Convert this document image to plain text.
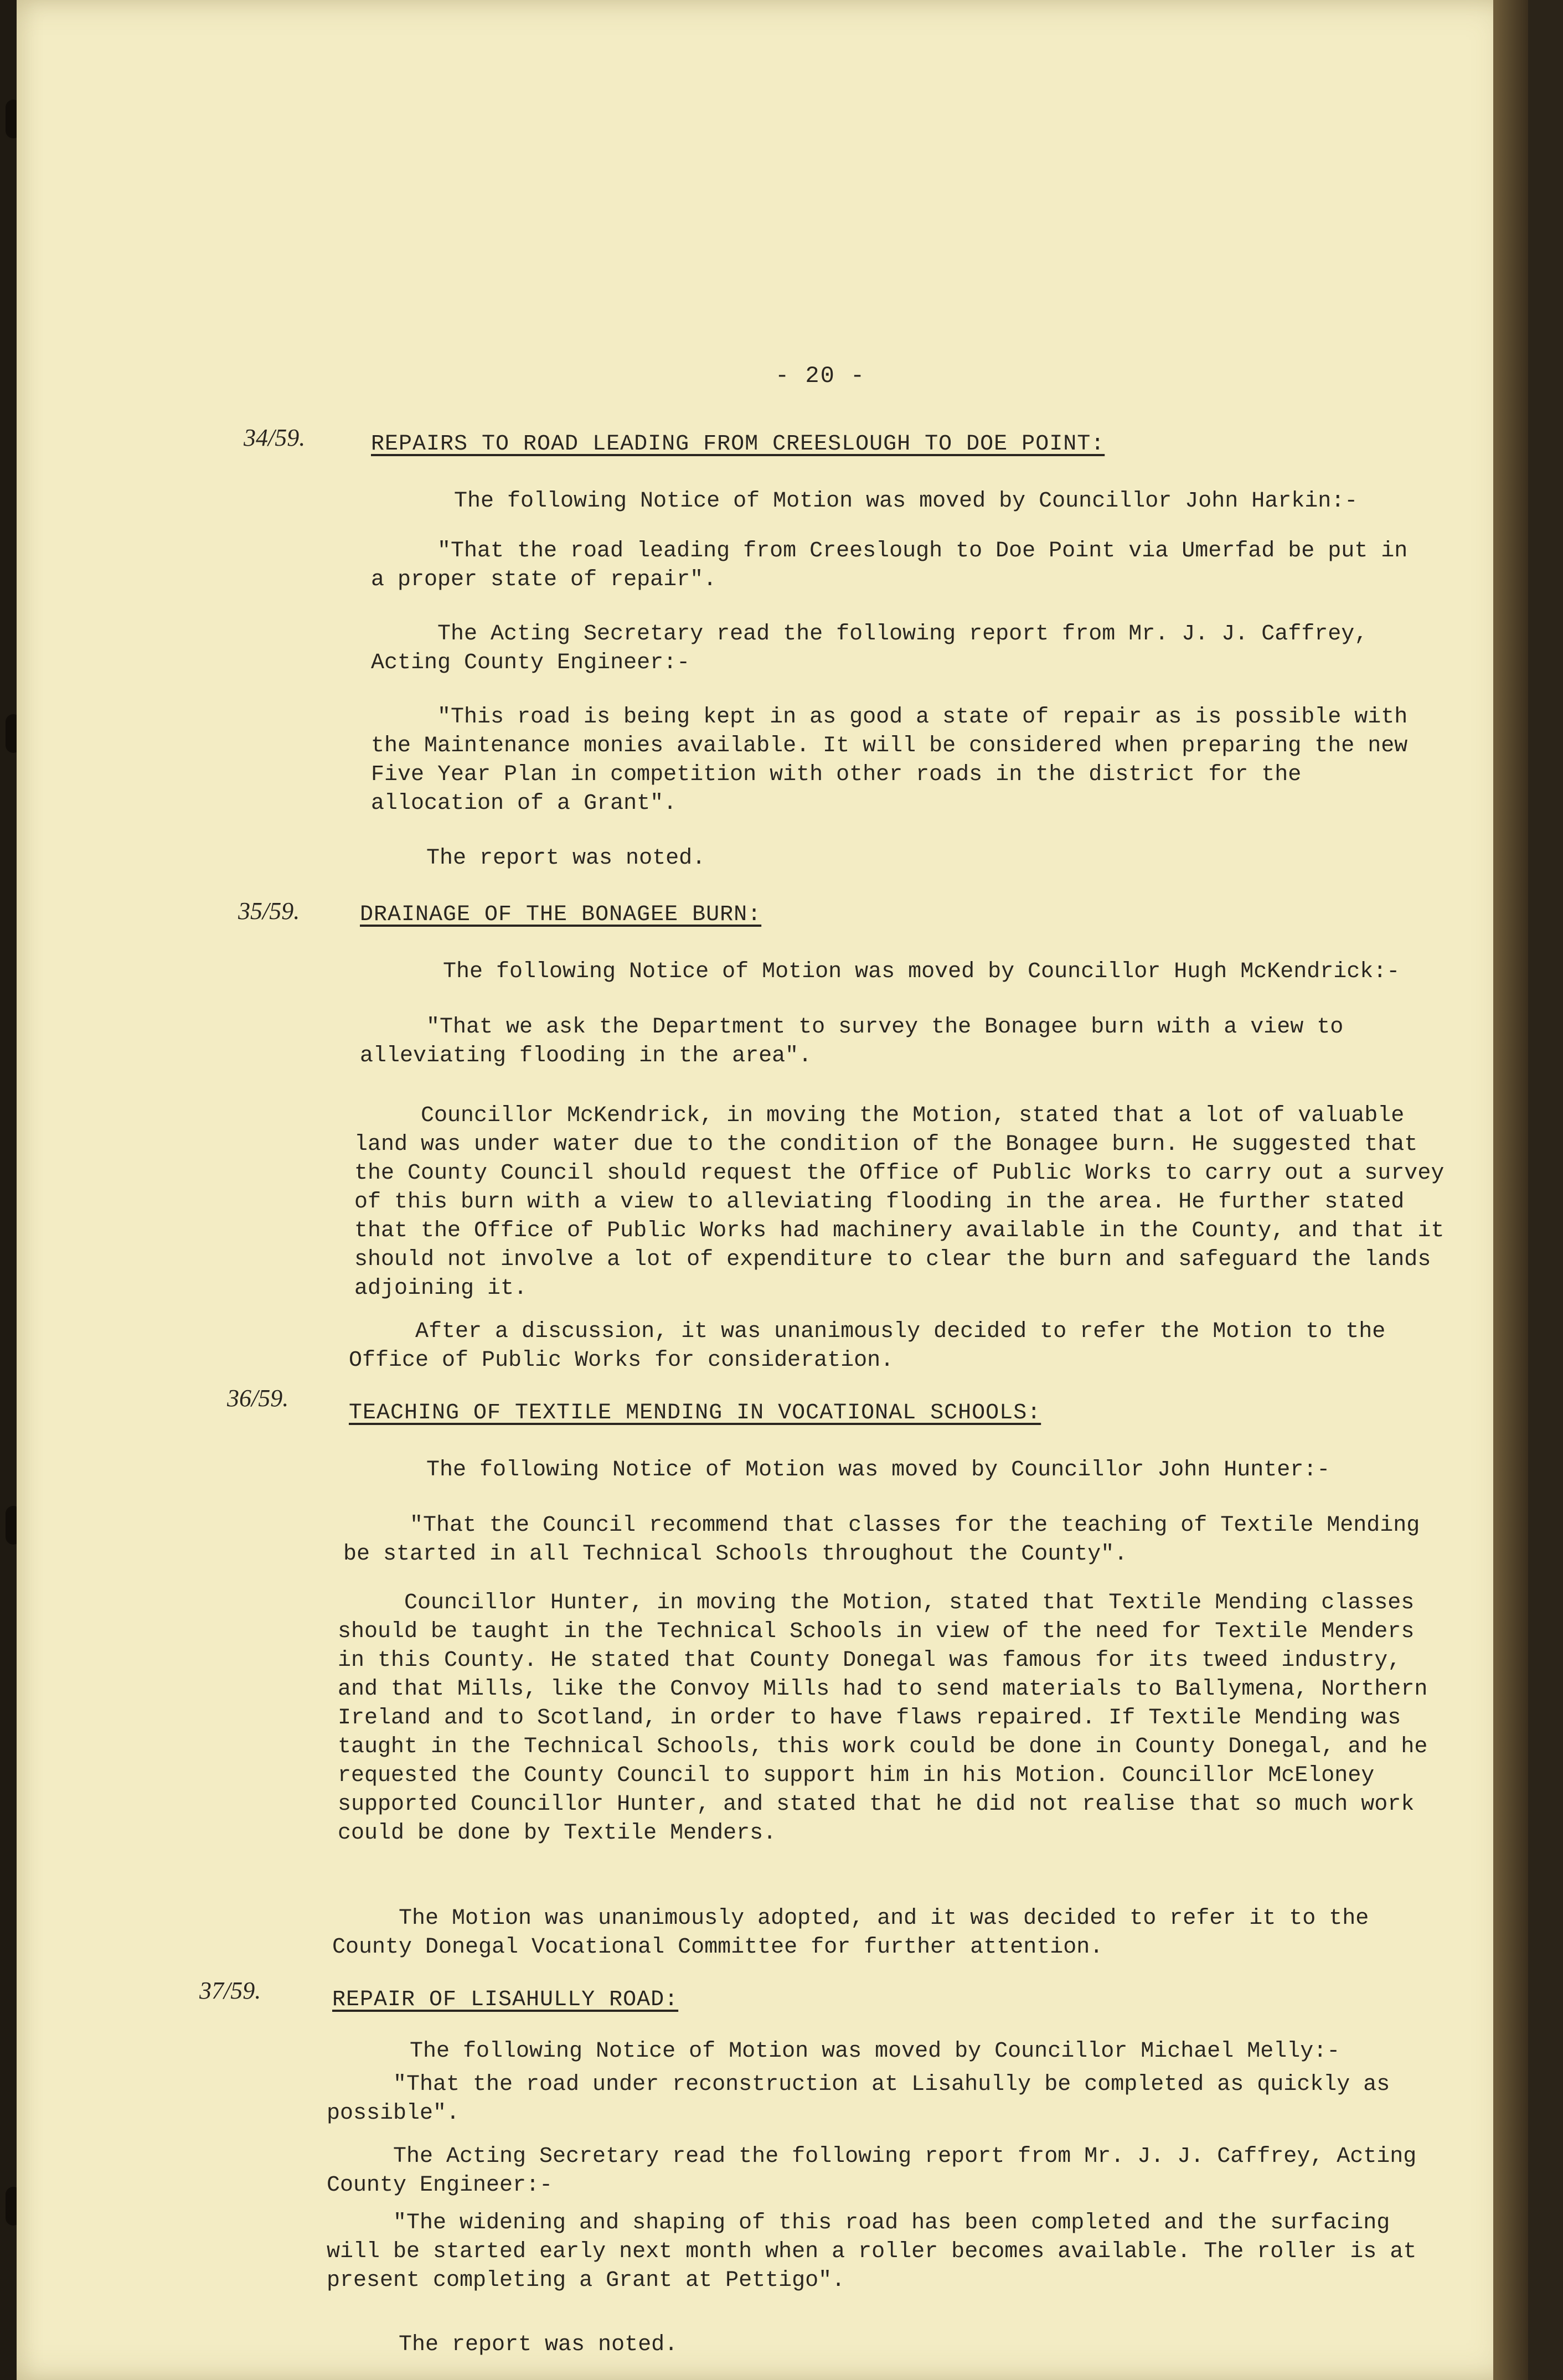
- 20 -
34/59.	REPAIRS TO ROAD LEADING FROM CREESLOUGH TO DOE POINT:
The following Notice of Motion was moved by Councillor John Harkin:-
"That the road leading from Creeslough to Doe Point via Umerfad be put in a proper state of repair".
The Acting Secretary read the following report from Mr. J. J. Caffrey, Acting County Engineer:-
"This road is being kept in as good a state of repair as is possible with the Maintenance monies available. It will be considered when preparing the new Five Year Plan in competition with other roads in the district for the allocation of a Grant".
The report was noted.
35/59.	DRAINAGE OF THE BONAGEE BURN:
The following Notice of Motion was moved by Councillor Hugh McKendrick:-
"That we ask the Department to survey the Bonagee burn with a view to alleviating flooding in the area".
Councillor McKendrick, in moving the Motion, stated that a lot of valuable land was under water due to the condition of the Bonagee burn. He suggested that the County Council should request the Office of Public Works to carry out a survey of this burn with a view to alleviating flooding in the area. He further stated that the Office of Public Works had machinery available in the County, and that it should not involve a lot of expenditure to clear the burn and safeguard the lands adjoining it.
After a discussion, it was unanimously decided to refer the Motion to the Office of Public Works for consideration.
36/59.
TEACHING OF TEXTILE MENDING IN VOCATIONAL SCHOOLS:
The following Notice of Motion was moved by Councillor John Hunter:-
"That the Council recommend that classes for the teaching of Textile Mending be started in all Technical Schools throughout the County".
Councillor Hunter, in moving the Motion, stated that Textile Mending classes should be taught in the Technical Schools in view of the need for Textile Menders in this County. He stated that County Donegal was famous for its tweed industry, and that Mills, like the Convoy Mills had to send materials to Ballymena, Northern Ireland and to Scotland, in order to have flaws repaired. If Textile Mending was taught in the Technical Schools, this work could be done in County Donegal, and he requested the County Council to support him in his Motion. Councillor McEloney supported Councillor Hunter, and stated that he did not realise that so much work could be done by Textile Menders.
The Motion was unanimously adopted, and it was decided to refer it to the County Donegal Vocational Committee for further attention.
37/59.	REPAIR OF LISAHULLY ROAD:
The following Notice of Motion was moved by Councillor Michael Melly:-
"That the road under reconstruction at Lisahully be completed as quickly as possible".
The Acting Secretary read the following report from Mr. J. J. Caffrey, Acting County Engineer:-
"The widening and shaping of this road has been completed and the surfacing will be started early next month when a roller becomes available. The roller is at present completing a Grant at Pettigo".
The report was noted.
